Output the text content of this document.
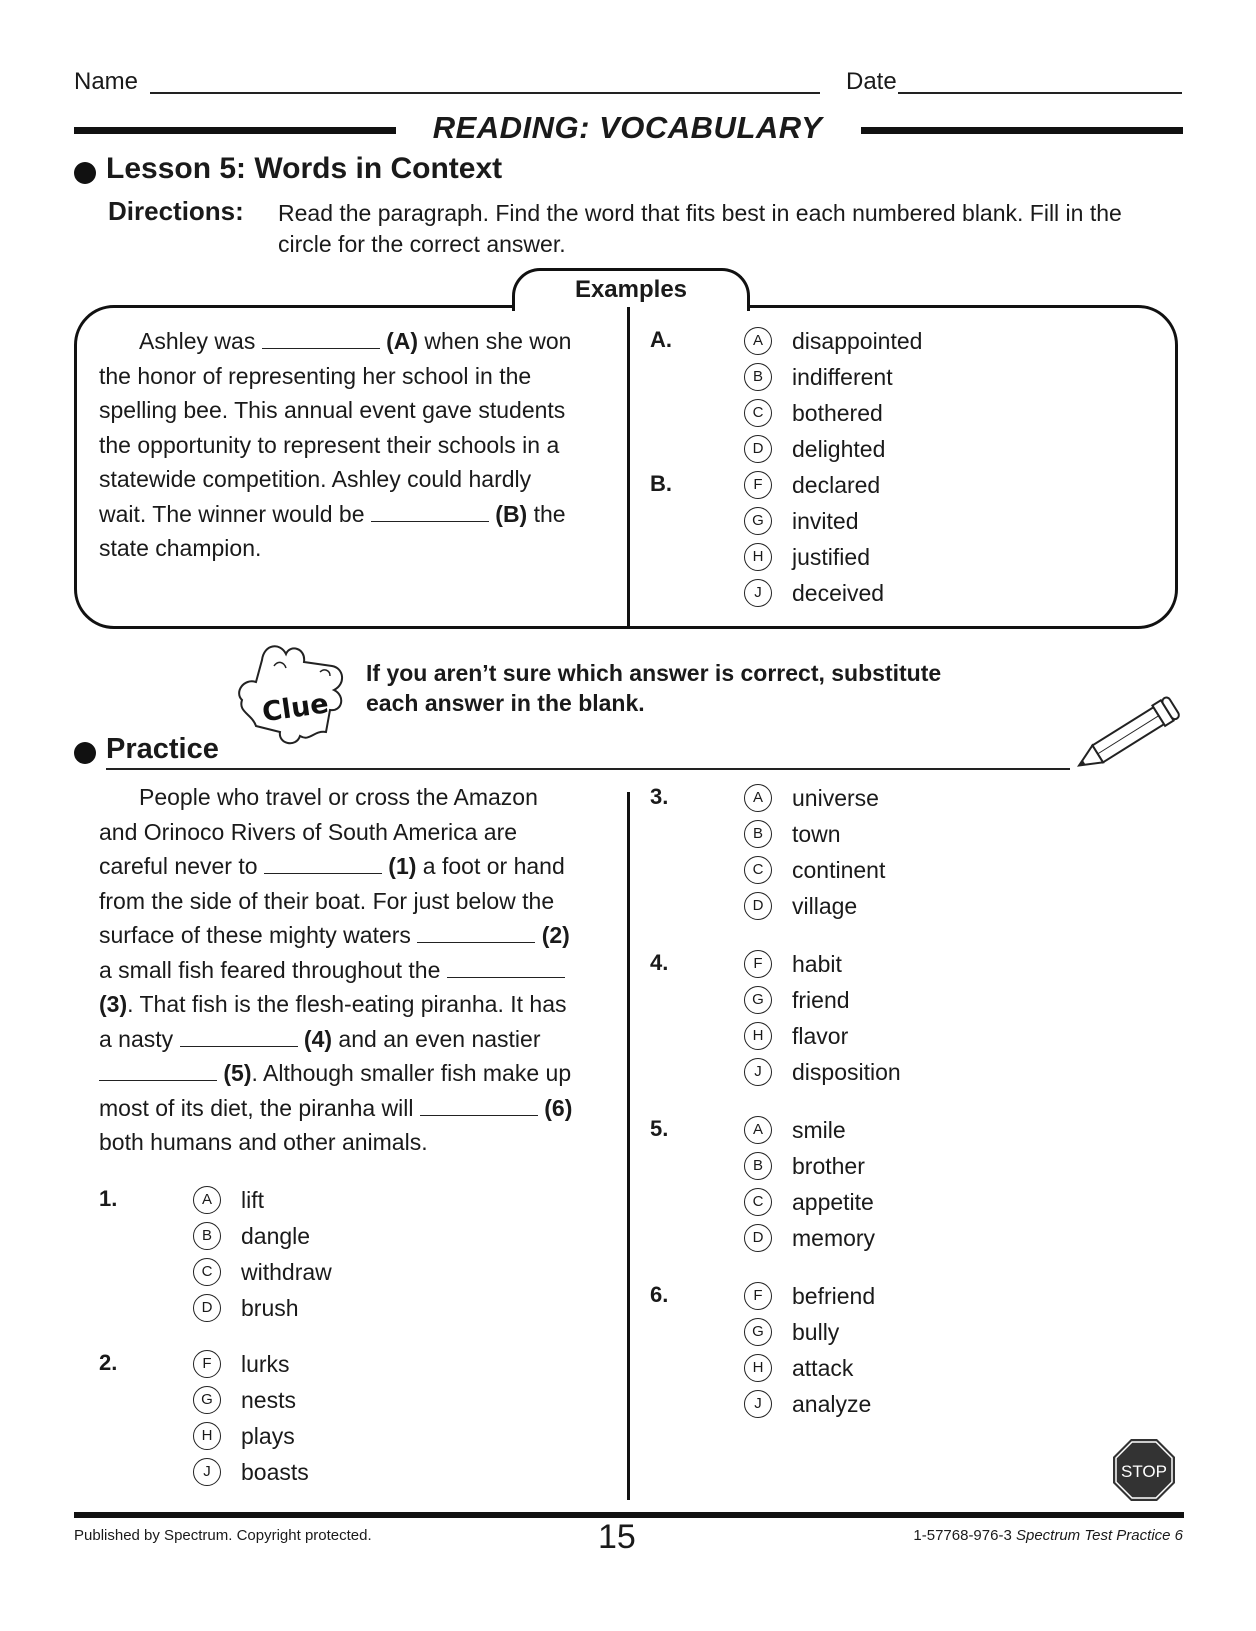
Name	Date
READING: VOCABULARY
Lesson 5: Words in Context
Directions: Read the paragraph. Find the word that fits best in each numbered blank. Fill in the circle for the correct answer.
Examples
Ashley was	(A) when she won
the honor of representing her school in the
spelling bee. This annual event gave students
the opportunity to represent their schools in a
statewide competition. Ashley could hardly
wait. The winner would be	(B) the
state champion.
A.	A disappointed
B indifferent
C bothered
D delighted
B.	F declared
G invited
H justified
J deceived
Clue
If you aren’t sure which answer is correct, substitute
each answer in the blank.
Practice
People who travel or cross the Amazon
and Orinoco Rivers of South America are
careful never to	(1) a foot or hand
from the side of their boat. For just below the
surface of these mighty waters	(2)
a small fish feared throughout the
(3). That fish is the flesh-eating piranha. It has
a nasty	(4) and an even nastier
(5). Although smaller fish make up
most of its diet, the piranha will	(6)
both humans and other animals.
1.	A lift
B dangle
C withdraw
D brush
2.	F lurks
G nests
H plays
J boasts
3.	A universe
B town
C continent
D village
4.	F habit
G friend
H flavor
J disposition
5.	A smile
B brother
C appetite
D memory
6.	F befriend
G bully
H attack
J analyze
STOP
Published by Spectrum. Copyright protected.	15	1-57768-976-3 Spectrum Test Practice 6
